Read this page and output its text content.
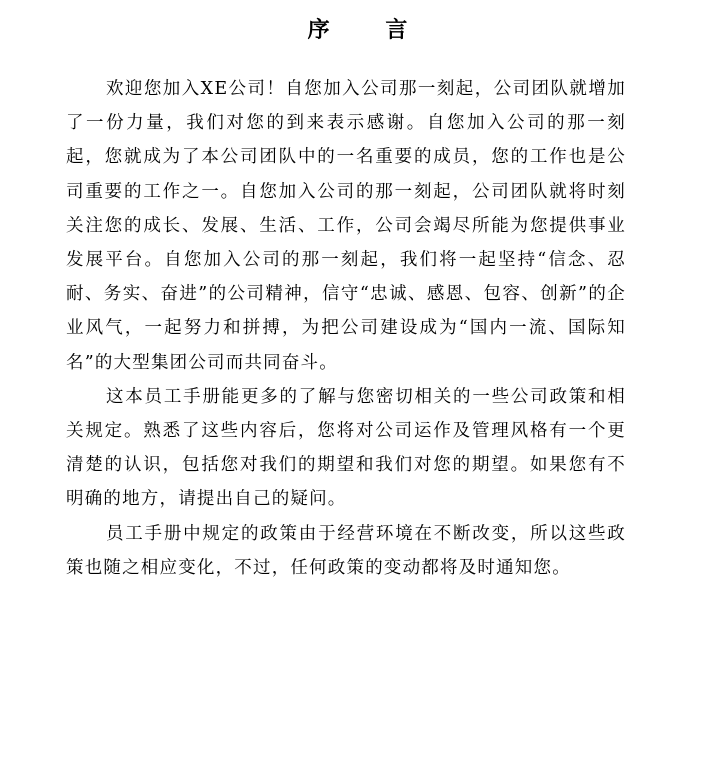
序 言

欢迎您加入XE公司！自您加入公司那一刻起，公司团队就增加了一份力量，我们对您的到来表示感谢。自您加入公司的那一刻起，您就成为了本公司团队中的一名重要的成员，您的工作也是公司重要的工作之一。自您加入公司的那一刻起，公司团队就将时刻关注您的成长、发展、生活、工作，公司会竭尽所能为您提供事业发展平台。自您加入公司的那一刻起，我们将一起坚持“信念、忍耐、务实、奋进”的公司精神，信守“忠诚、感恩、包容、创新”的企业风气，一起努力和拼搏，为把公司建设成为“国内一流、国际知名”的大型集团公司而共同奋斗。

这本员工手册能更多的了解与您密切相关的一些公司政策和相关规定。熟悉了这些内容后，您将对公司运作及管理风格有一个更清楚的认识，包括您对我们的期望和我们对您的期望。如果您有不明确的地方，请提出自己的疑问。

员工手册中规定的政策由于经营环境在不断改变，所以这些政策也随之相应变化，不过，任何政策的变动都将及时通知您。
